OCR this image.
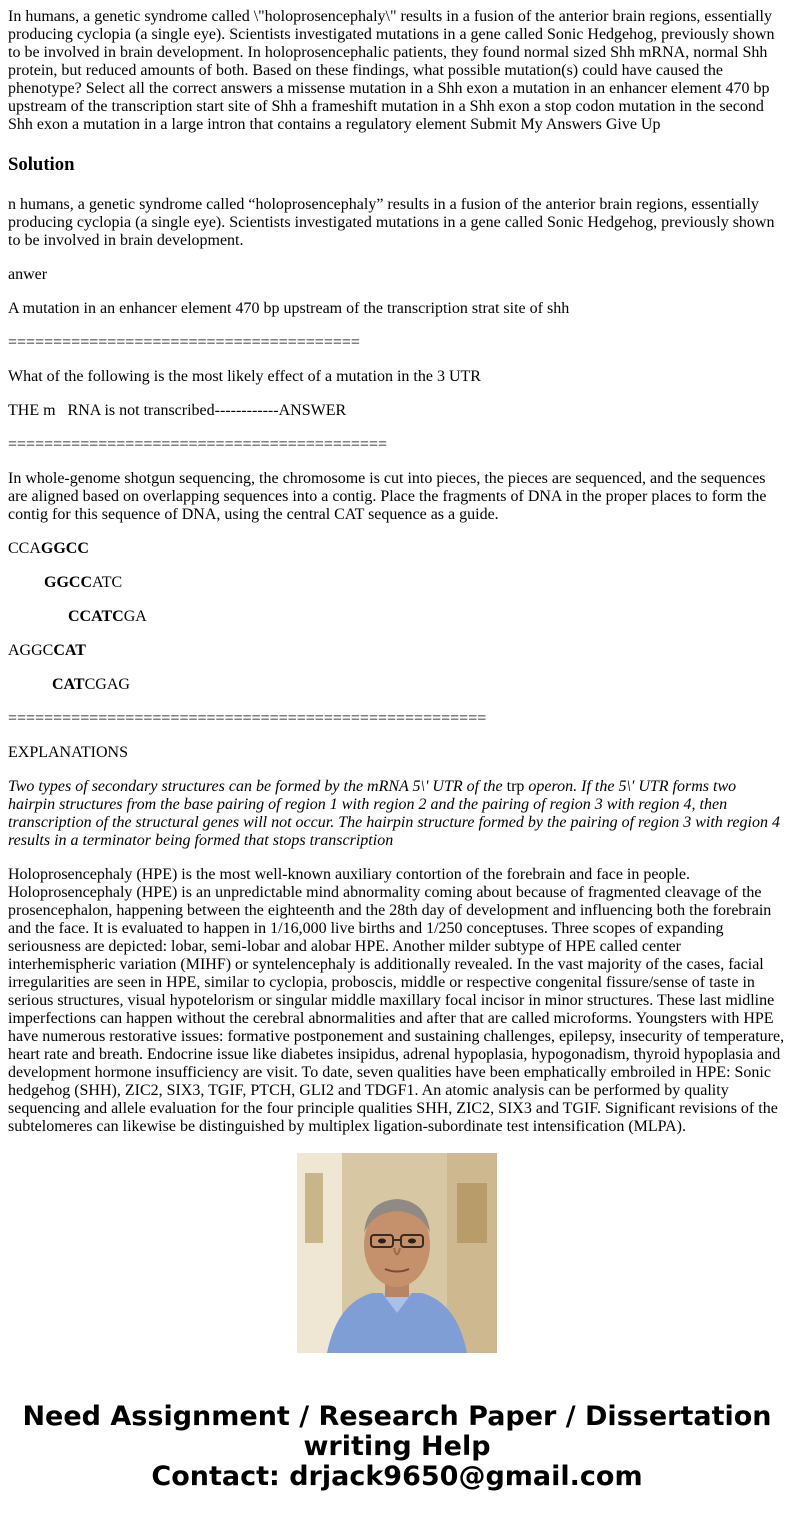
In humans, a genetic syndrome called \"holoprosencephaly\" results in a fusion of the anterior brain regions, essentially producing cyclopia (a single eye). Scientists investigated mutations in a gene called Sonic Hedgehog, previously shown to be involved in brain development. In holoprosencephalic patients, they found normal sized Shh mRNA, normal Shh protein, but reduced amounts of both. Based on these findings, what possible mutation(s) could have caused the phenotype? Select all the correct answers a missense mutation in a Shh exon a mutation in an enhancer element 470 bp upstream of the transcription start site of Shh a frameshift mutation in a Shh exon a stop codon mutation in the second Shh exon a mutation in a large intron that contains a regulatory element Submit My Answers Give Up

Solution

n humans, a genetic syndrome called “holoprosencephaly” results in a fusion of the anterior brain regions, essentially producing cyclopia (a single eye). Scientists investigated mutations in a gene called Sonic Hedgehog, previously shown to be involved in brain development.

anwer

A mutation in an enhancer element 470 bp upstream of the transcription strat site of shh

=======================================

What of the following is the most likely effect of a mutation in the 3 UTR

THE m   RNA is not transcribed------------ANSWER

==========================================

In whole-genome shotgun sequencing, the chromosome is cut into pieces, the pieces are sequenced, and the sequences are aligned based on overlapping sequences into a contig. Place the fragments of DNA in the proper places to form the contig for this sequence of DNA, using the central CAT sequence as a guide.

CCAGGCC

GGCCATC

CCATCGA

AGGCCAT

CATCGAG

=====================================================

EXPLANATIONS

Two types of secondary structures can be formed by the mRNA 5\' UTR of the trp operon. If the 5\' UTR forms two hairpin structures from the base pairing of region 1 with region 2 and the pairing of region 3 with region 4, then transcription of the structural genes will not occur. The hairpin structure formed by the pairing of region 3 with region 4 results in a terminator being formed that stops transcription

Holoprosencephaly (HPE) is the most well-known auxiliary contortion of the forebrain and face in people. Holoprosencephaly (HPE) is an unpredictable mind abnormality coming about because of fragmented cleavage of the prosencephalon, happening between the eighteenth and the 28th day of development and influencing both the forebrain and the face. It is evaluated to happen in 1/16,000 live births and 1/250 conceptuses. Three scopes of expanding seriousness are depicted: lobar, semi-lobar and alobar HPE. Another milder subtype of HPE called center interhemispheric variation (MIHF) or syntelencephaly is additionally revealed. In the vast majority of the cases, facial irregularities are seen in HPE, similar to cyclopia, proboscis, middle or respective congenital fissure/sense of taste in serious structures, visual hypotelorism or singular middle maxillary focal incisor in minor structures. These last midline imperfections can happen without the cerebral abnormalities and after that are called microforms. Youngsters with HPE have numerous restorative issues: formative postponement and sustaining challenges, epilepsy, insecurity of temperature, heart rate and breath. Endocrine issue like diabetes insipidus, adrenal hypoplasia, hypogonadism, thyroid hypoplasia and development hormone insufficiency are visit. To date, seven qualities have been emphatically embroiled in HPE: Sonic hedgehog (SHH), ZIC2, SIX3, TGIF, PTCH, GLI2 and TDGF1. An atomic analysis can be performed by quality sequencing and allele evaluation for the four principle qualities SHH, ZIC2, SIX3 and TGIF. Significant revisions of the subtelomeres can likewise be distinguished by multiplex ligation-subordinate test intensification (MLPA).

Need Assignment / Research Paper / Dissertation
writing Help
Contact: drjack9650@gmail.com
